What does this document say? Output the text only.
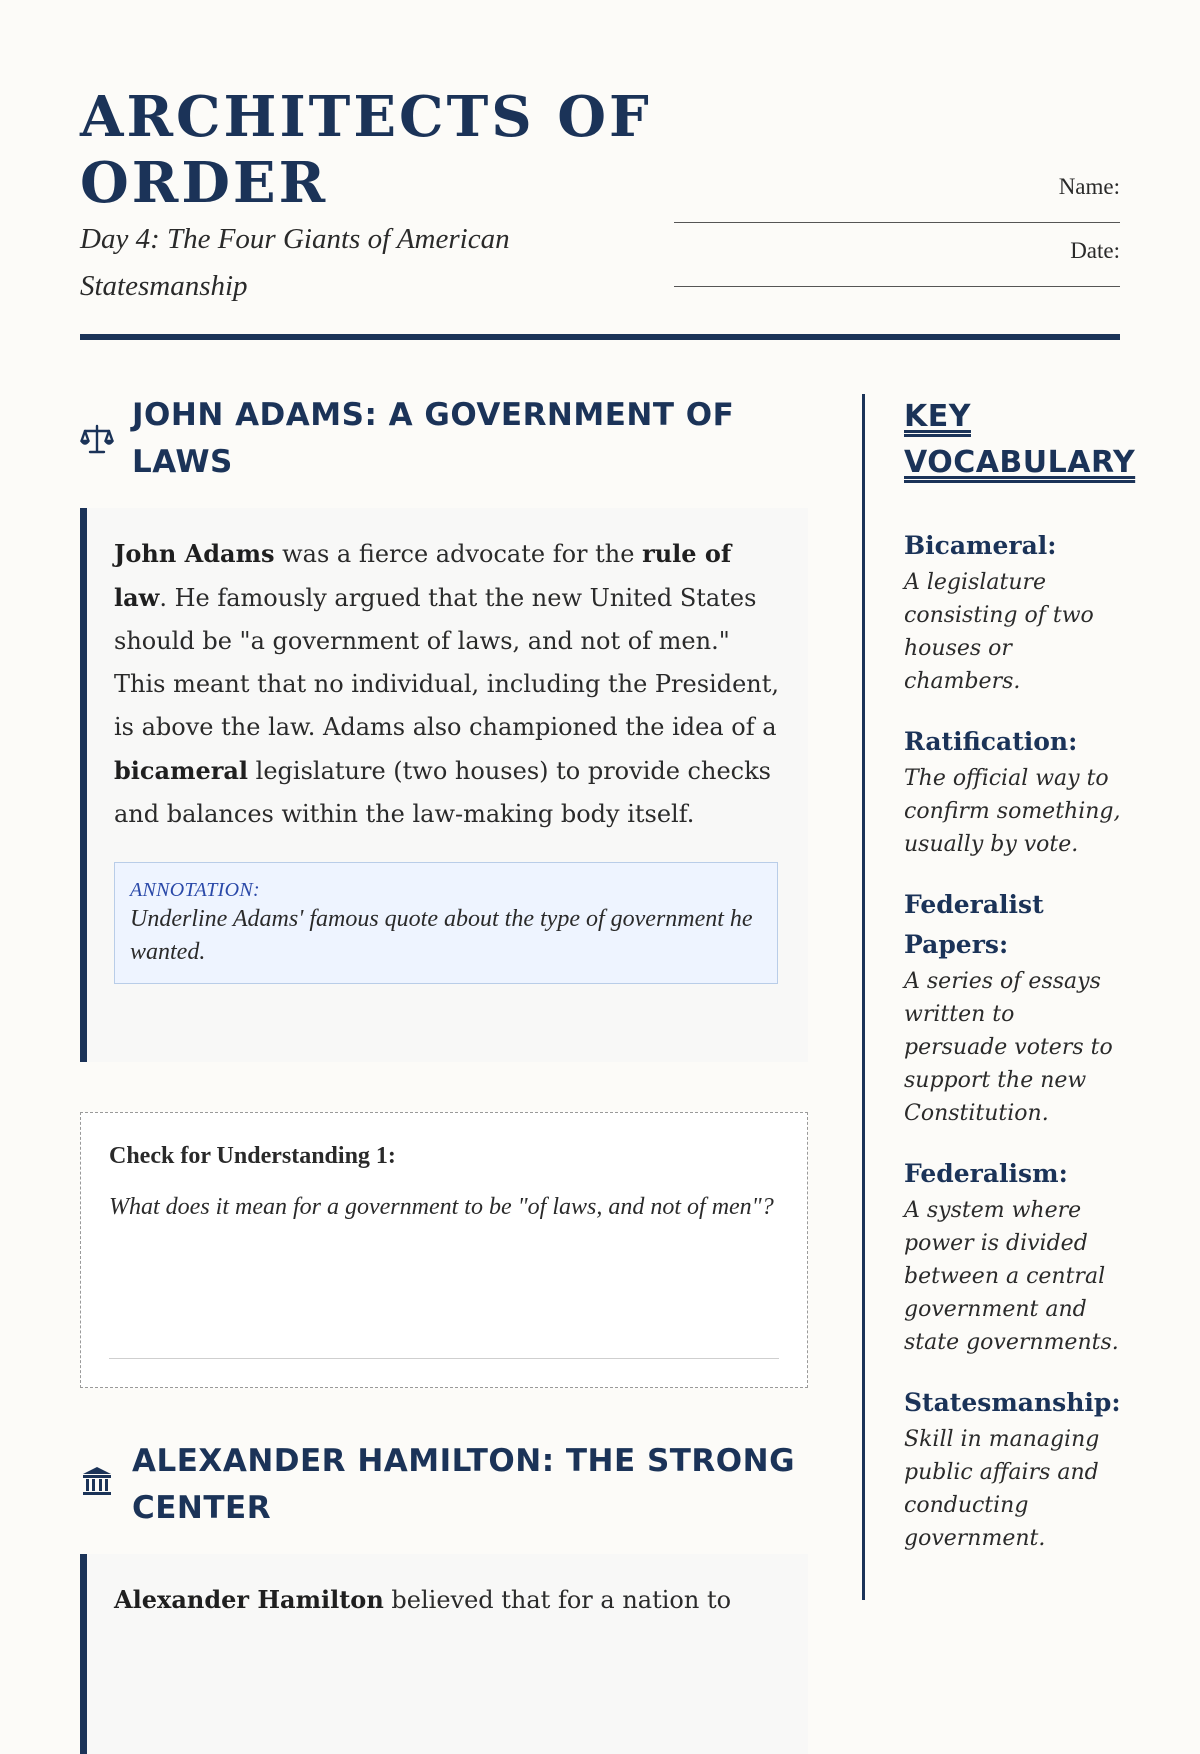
ARCHITECTS OF ORDER

Day 4: The Four Giants of American Statesmanship

Name:
Date:
JOHN ADAMS: A GOVERNMENT OF LAWS

John Adams was a fierce advocate for the rule of law. He famously argued that the new United States should be "a government of laws, and not of men." This meant that no individual, including the President, is above the law. Adams also championed the idea of a bicameral legislature (two houses) to provide checks and balances within the law-making body itself.

ANNOTATION:
Underline Adams' famous quote about the type of government he wanted.
Check for Understanding 1:
What does it mean for a government to be "of laws, and not of men"?
ALEXANDER HAMILTON: THE STRONG CENTER

Alexander Hamilton believed that for a nation to

KEY VOCABULARY
Bicameral:
A legislature consisting of two houses or chambers.
Ratification:
The official way to confirm something, usually by vote.
Federalist Papers:
A series of essays written to persuade voters to support the new Constitution.
Federalism:
A system where power is divided between a central government and state governments.
Statesmanship:
Skill in managing public affairs and conducting government.
